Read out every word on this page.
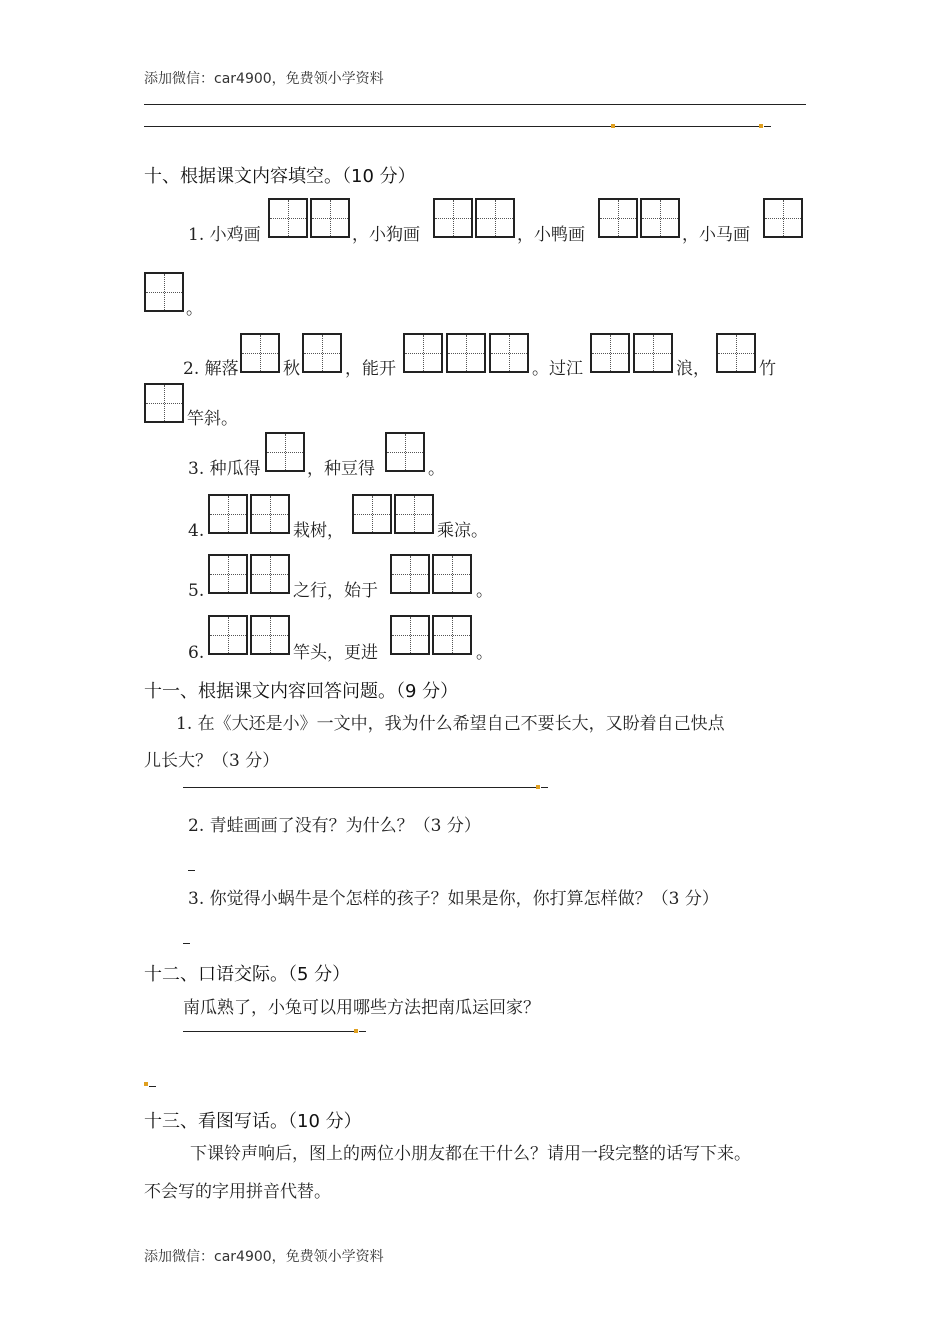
添加微信：car4900，免费领小学资料
十、根据课文内容填空。（10 分）
1. 小鸡画	，小狗画	，小鸭画	，小马画
。
2. 解落	秋	，能开	。过江	浪，	竹
竿斜。
3. 种瓜得	，种豆得	。
4.	栽树，	乘凉。
5.	之行，始于	。
6.	竿头，更进	。
十一、根据课文内容回答问题。（9 分）
1. 在《大还是小》一文中，我为什么希望自己不要长大，又盼着自己快点
儿长大？（3 分）
2. 青蛙画画了没有？为什么？（3 分）
3. 你觉得小蜗牛是个怎样的孩子？如果是你，你打算怎样做？（3 分）
十二、口语交际。（5 分）
南瓜熟了，小兔可以用哪些方法把南瓜运回家？
十三、看图写话。（10 分）
下课铃声响后，图上的两位小朋友都在干什么？请用一段完整的话写下来。
不会写的字用拼音代替。
添加微信：car4900，免费领小学资料
